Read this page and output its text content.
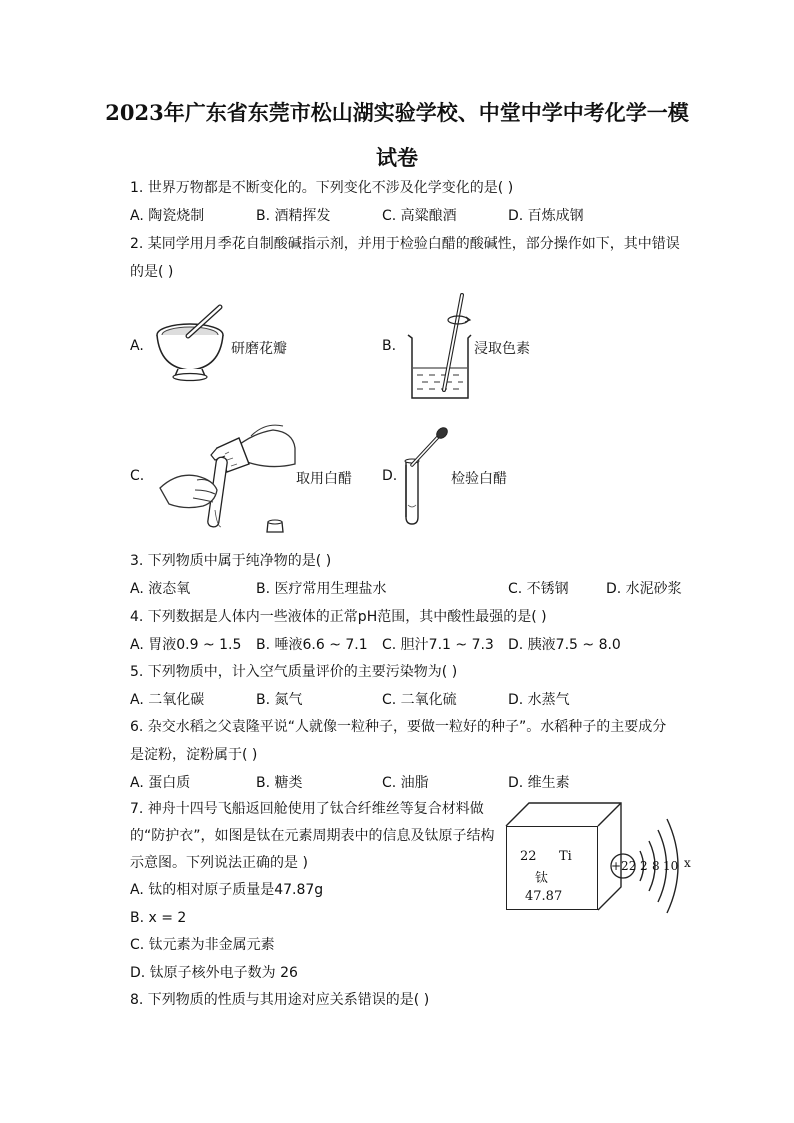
2023年广东省东莞市松山湖实验学校、中堂中学中考化学一模
试卷
1. 世界万物都是不断变化的。下列变化不涉及化学变化的是( )
A. 陶瓷烧制	B. 酒精挥发	C. 高粱酿酒	D. 百炼成钢
2. 某同学用月季花自制酸碱指示剂，并用于检验白醋的酸碱性，部分操作如下，其中错误
的是( )
A.	研磨花瓣	B.	浸取色素
C.	取用白醋 D.	检验白醋
3. 下列物质中属于纯净物的是( )
A. 液态氧	B. 医疗常用生理盐水	C. 不锈钢	D. 水泥砂浆
4. 下列数据是人体内一些液体的正常pH范围，其中酸性最强的是( )
A. 胃液0.9 ~ 1.5 B. 唾液6.6 ~ 7.1 C. 胆汁7.1 ~ 7.3 D. 胰液7.5 ~ 8.0
5. 下列物质中，计入空气质量评价的主要污染物为( )
A. 二氧化碳	B. 氮气	C. 二氧化硫	D. 水蒸气
6. 杂交水稻之父袁隆平说“人就像一粒种子，要做一粒好的种子”。水稻种子的主要成分
是淀粉，淀粉属于( )
A. 蛋白质	B. 糖类	C. 油脂	D. 维生素
7. 神舟十四号飞船返回舱使用了钛合纤维丝等复合材料做
的“防护衣”，如图是钛在元素周期表中的信息及钛原子结构
示意图。下列说法正确的是 )
A. 钛的相对原子质量是47.87g
B. x = 2
C. 钛元素为非金属元素
D. 钛原子核外电子数为 26
22 Ti
钛
47.87
+22 2 8 10 x
8. 下列物质的性质与其用途对应关系错误的是( )
